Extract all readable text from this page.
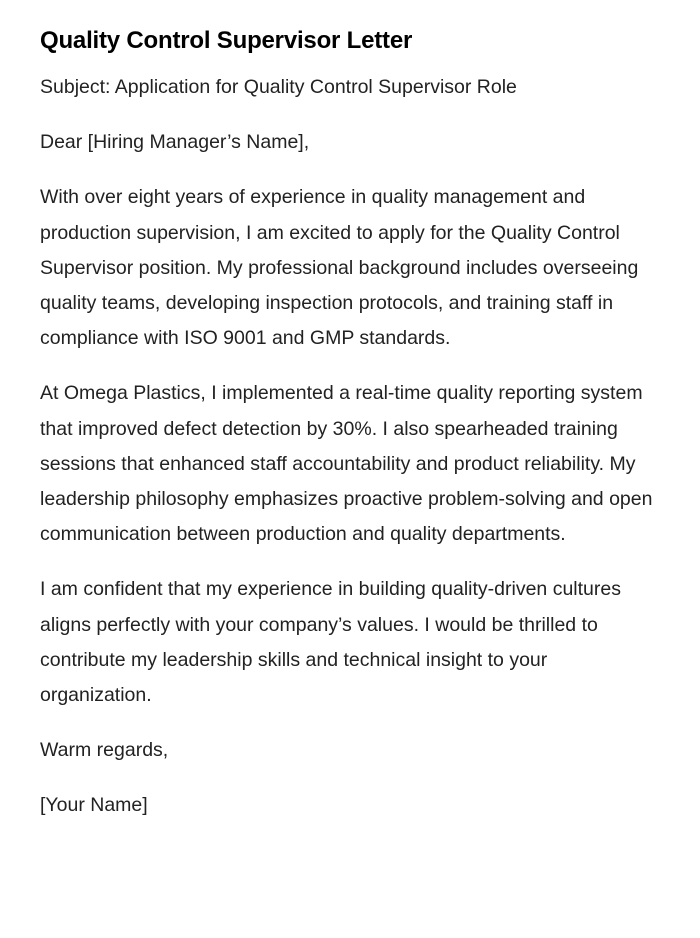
Quality Control Supervisor Letter

Subject: Application for Quality Control Supervisor Role

Dear [Hiring Manager’s Name],

With over eight years of experience in quality management and production supervision, I am excited to apply for the Quality Control Supervisor position. My professional background includes overseeing quality teams, developing inspection protocols, and training staff in compliance with ISO 9001 and GMP standards.

At Omega Plastics, I implemented a real-time quality reporting system that improved defect detection by 30%. I also spearheaded training sessions that enhanced staff accountability and product reliability. My leadership philosophy emphasizes proactive problem-solving and open communication between production and quality departments.

I am confident that my experience in building quality-driven cultures aligns perfectly with your company’s values. I would be thrilled to contribute my leadership skills and technical insight to your organization.

Warm regards,

[Your Name]
